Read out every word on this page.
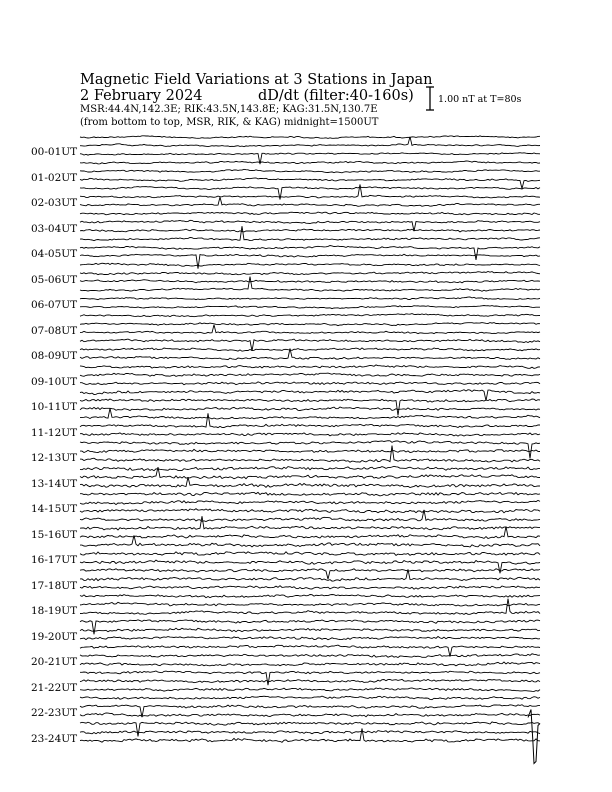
Magnetic Field Variations at 3 Stations in Japan
2 February 2024	dD/dt (filter:40-160s)
MSR:44.4N,142.3E; RIK:43.5N,143.8E; KAG:31.5N,130.7E
(from bottom to top, MSR, RIK, & KAG) midnight=1500UT
1.00 nT at T=80s
00-01UT
01-02UT
02-03UT
03-04UT
04-05UT
05-06UT
06-07UT
07-08UT
08-09UT
09-10UT
10-11UT
11-12UT
12-13UT
13-14UT
14-15UT
15-16UT
16-17UT
17-18UT
18-19UT
19-20UT
20-21UT
21-22UT
22-23UT
23-24UT
